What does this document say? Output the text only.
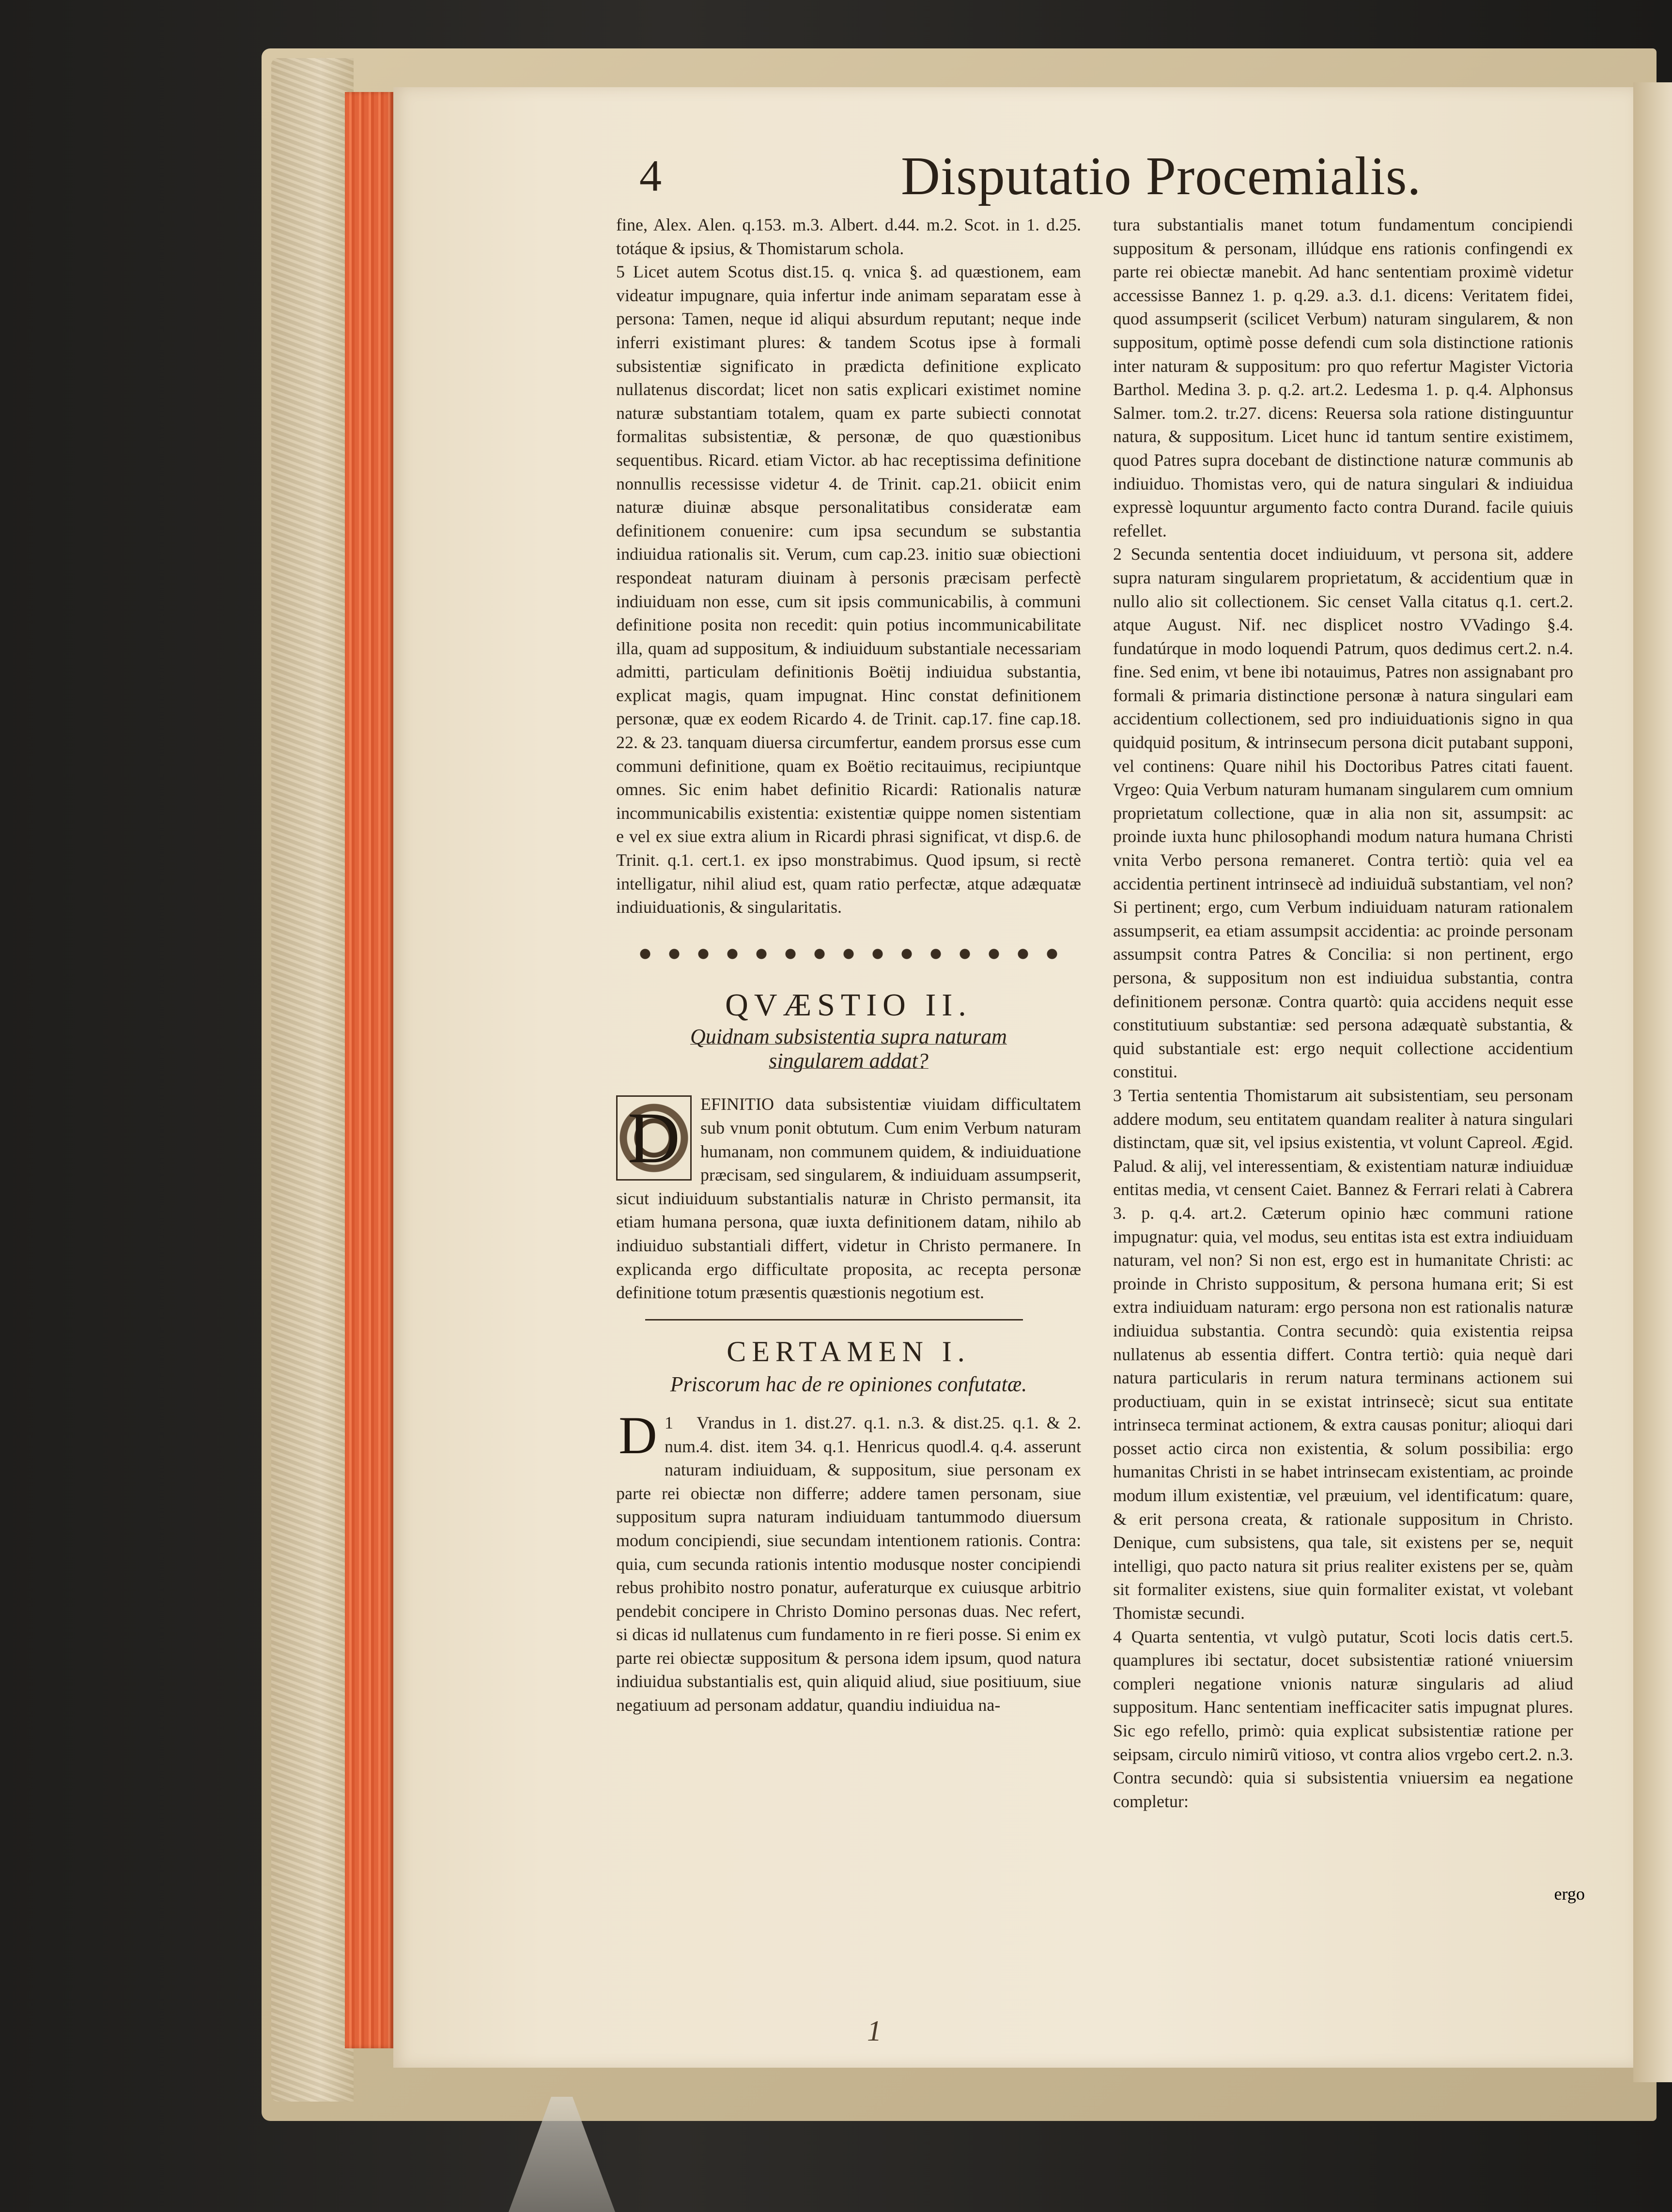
4	Disputatio Procemialis.

fine, Alex. Alen. q.153. m.3. Albert. d.44. m.2. Scot. in 1. d.25. totáque & ipsius, & Thomistarum schola.

5 Licet autem Scotus dist.15. q. vnica §. ad quæstionem, eam videatur impugnare, quia infertur inde animam separatam esse à persona: Tamen, neque id aliqui absurdum reputant; neque inde inferri existimant plures: & tandem Scotus ipse à formali subsistentiæ significato in prædicta definitione explicato nullatenus discordat; licet non satis explicari existimet nomine naturæ substantiam totalem, quam ex parte subiecti connotat formalitas subsistentiæ, & personæ, de quo quæstionibus sequentibus. Ricard. etiam Victor. ab hac receptissima definitione nonnullis recessisse videtur 4. de Trinit. cap.21. obiicit enim naturæ diuinæ absque personalitatibus consideratæ eam definitionem conuenire: cum ipsa secundum se substantia indiuidua rationalis sit. Verum, cum cap.23. initio suæ obiectioni respondeat naturam diuinam à personis præcisam perfectè indiuiduam non esse, cum sit ipsis communicabilis, à communi definitione posita non recedit: quin potius incommunicabilitate illa, quam ad suppositum, & indiuiduum substantiale necessariam admitti, particulam definitionis Boëtij indiuidua substantia, explicat magis, quam impugnat. Hinc constat definitionem personæ, quæ ex eodem Ricardo 4. de Trinit. cap.17. fine cap.18. 22. & 23. tanquam diuersa circumfertur, eandem prorsus esse cum communi definitione, quam ex Boëtio recitauimus, recipiuntque omnes. Sic enim habet definitio Ricardi: Rationalis naturæ incommunicabilis existentia: existentiæ quippe nomen sistentiam e vel ex siue extra alium in Ricardi phrasi significat, vt disp.6. de Trinit. q.1. cert.1. ex ipso monstrabimus. Quod ipsum, si rectè intelligatur, nihil aliud est, quam ratio perfectæ, atque adæquatæ indiuiduationis, & singularitatis.

QVÆSTIO II.
Quidnam subsistentia supra naturam singularem addat?

D EFINITIO data subsistentiæ viuidam difficultatem sub vnum ponit obtutum. Cum enim Verbum naturam humanam, non communem quidem, & indiuiduatione præcisam, sed singularem, & indiuiduam assumpserit, sicut indiuiduum substantialis naturæ in Christo permansit, ita etiam humana persona, quæ iuxta definitionem datam, nihilo ab indiuiduo substantiali differt, videtur in Christo permanere. In explicanda ergo difficultate proposita, ac recepta personæ definitione totum præsentis quæstionis negotium est.

CERTAMEN I.
Priscorum hac de re opiniones confutatæ.

1
D Vrandus in 1. dist.27. q.1. n.3. & dist.25. q.1. & 2. num.4. dist. item 34. q.1. Henricus quodl.4. q.4. asserunt naturam indiuiduam, & suppositum, siue personam ex parte rei obiectæ non differre; addere tamen personam, siue suppositum supra naturam indiuiduam tantummodo diuersum modum concipiendi, siue secundam intentionem rationis. Contra: quia, cum secunda rationis intentio modusque noster concipiendi rebus prohibito nostro ponatur, auferaturque ex cuiusque arbitrio pendebit concipere in Christo Domino personas duas. Nec refert, si dicas id nullatenus cum fundamento in re fieri posse. Si enim ex parte rei obiectæ suppositum & persona idem ipsum, quod natura indiuidua substantialis est, quin aliquid aliud, siue positiuum, siue negatiuum ad personam addatur, quandiu indiuidua na-

tura substantialis manet totum fundamentum concipiendi suppositum & personam, illúdque ens rationis confingendi ex parte rei obiectæ manebit. Ad hanc sententiam proximè videtur accessisse Bannez 1. p. q.29. a.3. d.1. dicens: Veritatem fidei, quod assumpserit (scilicet Verbum) naturam singularem, & non suppositum, optimè posse defendi cum sola distinctione rationis inter naturam & suppositum: pro quo refertur Magister Victoria Barthol. Medina 3. p. q.2. art.2. Ledesma 1. p. q.4. Alphonsus Salmer. tom.2. tr.27. dicens: Reuersa sola ratione distinguuntur natura, & suppositum. Licet hunc id tantum sentire existimem, quod Patres supra docebant de distinctione naturæ communis ab indiuiduo. Thomistas vero, qui de natura singulari & indiuidua expressè loquuntur argumento facto contra Durand. facile quiuis refellet.

2 Secunda sententia docet indiuiduum, vt persona sit, addere supra naturam singularem proprietatum, & accidentium quæ in nullo alio sit collectionem. Sic censet Valla citatus q.1. cert.2. atque August. Nif. nec displicet nostro VVadingo §.4. fundatúrque in modo loquendi Patrum, quos dedimus cert.2. n.4. fine. Sed enim, vt bene ibi notauimus, Patres non assignabant pro formali & primaria distinctione personæ à natura singulari eam accidentium collectionem, sed pro indiuiduationis signo in qua quidquid positum, & intrinsecum persona dicit putabant supponi, vel continens: Quare nihil his Doctoribus Patres citati fauent. Vrgeo: Quia Verbum naturam humanam singularem cum omnium proprietatum collectione, quæ in alia non sit, assumpsit: ac proinde iuxta hunc philosophandi modum natura humana Christi vnita Verbo persona remaneret. Contra tertiò: quia vel ea accidentia pertinent intrinsecè ad indiuiduã substantiam, vel non? Si pertinent; ergo, cum Verbum indiuiduam naturam rationalem assumpserit, ea etiam assumpsit accidentia: ac proinde personam assumpsit contra Patres & Concilia: si non pertinent, ergo persona, & suppositum non est indiuidua substantia, contra definitionem personæ. Contra quartò: quia accidens nequit esse constitutiuum substantiæ: sed persona adæquatè substantia, & quid substantiale est: ergo nequit collectione accidentium constitui.

3 Tertia sententia Thomistarum ait subsistentiam, seu personam addere modum, seu entitatem quandam realiter à natura singulari distinctam, quæ sit, vel ipsius existentia, vt volunt Capreol. Ægid. Palud. & alij, vel interessentiam, & existentiam naturæ indiuiduæ entitas media, vt censent Caiet. Bannez & Ferrari relati à Cabrera 3. p. q.4. art.2. Cæterum opinio hæc communi ratione impugnatur: quia, vel modus, seu entitas ista est extra indiuiduam naturam, vel non? Si non est, ergo est in humanitate Christi: ac proinde in Christo suppositum, & persona humana erit; Si est extra indiuiduam naturam: ergo persona non est rationalis naturæ indiuidua substantia. Contra secundò: quia existentia reipsa nullatenus ab essentia differt. Contra tertiò: quia nequè dari natura particularis in rerum natura terminans actionem sui productiuam, quin in se existat intrinsecè; sicut sua entitate intrinseca terminat actionem, & extra causas ponitur; alioqui dari posset actio circa non existentia, & solum possibilia: ergo humanitas Christi in se habet intrinsecam existentiam, ac proinde modum illum existentiæ, vel præuium, vel identificatum: quare, & erit persona creata, & rationale suppositum in Christo. Denique, cum subsistens, qua tale, sit existens per se, nequit intelligi, quo pacto natura sit prius realiter existens per se, quàm sit formaliter existens, siue quin formaliter existat, vt volebant Thomistæ secundi.

4 Quarta sententia, vt vulgò putatur, Scoti locis datis cert.5. quamplures ibi sectatur, docet subsistentiæ rationé vniuersim compleri negatione vnionis naturæ singularis ad aliud suppositum. Hanc sententiam inefficaciter satis impugnat plures. Sic ego refello, primò: quia explicat subsistentiæ ratione per seipsam, circulo nimirũ vitioso, vt contra alios vrgebo cert.2. n.3. Contra secundò: quia si subsistentia vniuersim ea negatione completur:

ergo
1
